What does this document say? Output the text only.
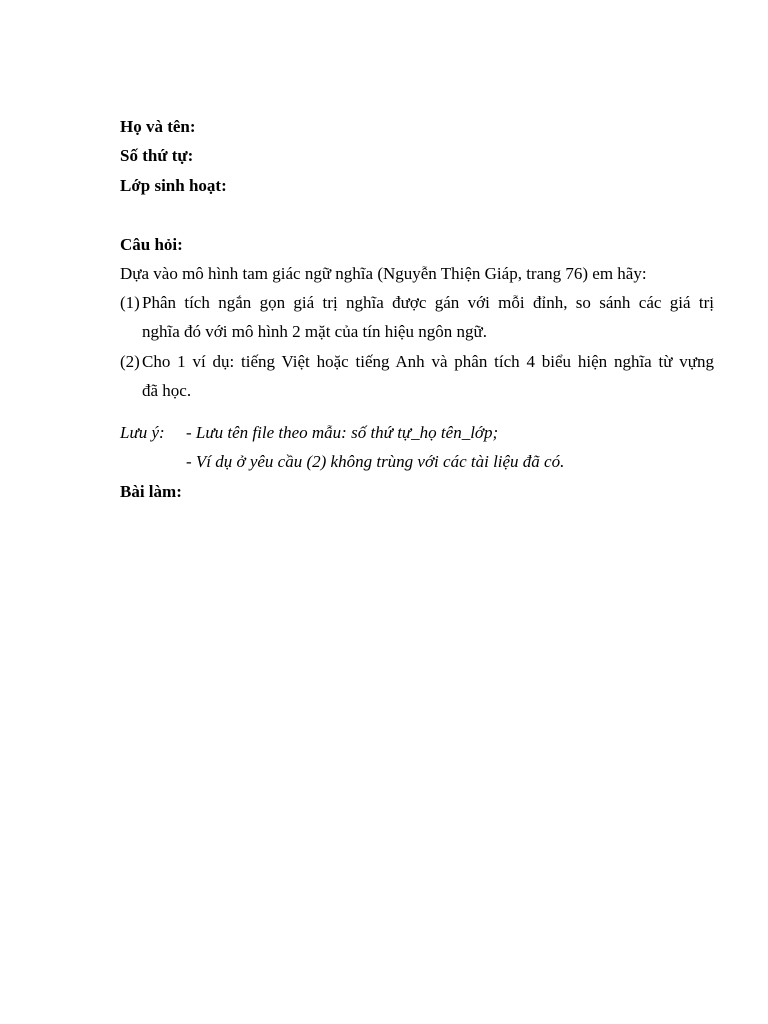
Họ và tên:
Số thứ tự:
Lớp sinh hoạt:
Câu hỏi:
Dựa vào mô hình tam giác ngữ nghĩa (Nguyễn Thiện Giáp, trang 76) em hãy:
(1) Phân tích ngắn gọn giá trị nghĩa được gán với mỗi đỉnh, so sánh các giá trị
nghĩa đó với mô hình 2 mặt của tín hiệu ngôn ngữ.
(2) Cho 1 ví dụ: tiếng Việt hoặc tiếng Anh và phân tích 4 biểu hiện nghĩa từ vựng
đã học.
Lưu ý: - Lưu tên file theo mẫu: số thứ tự_họ tên_lớp;
- Ví dụ ở yêu cầu (2) không trùng với các tài liệu đã có.
Bài làm:
